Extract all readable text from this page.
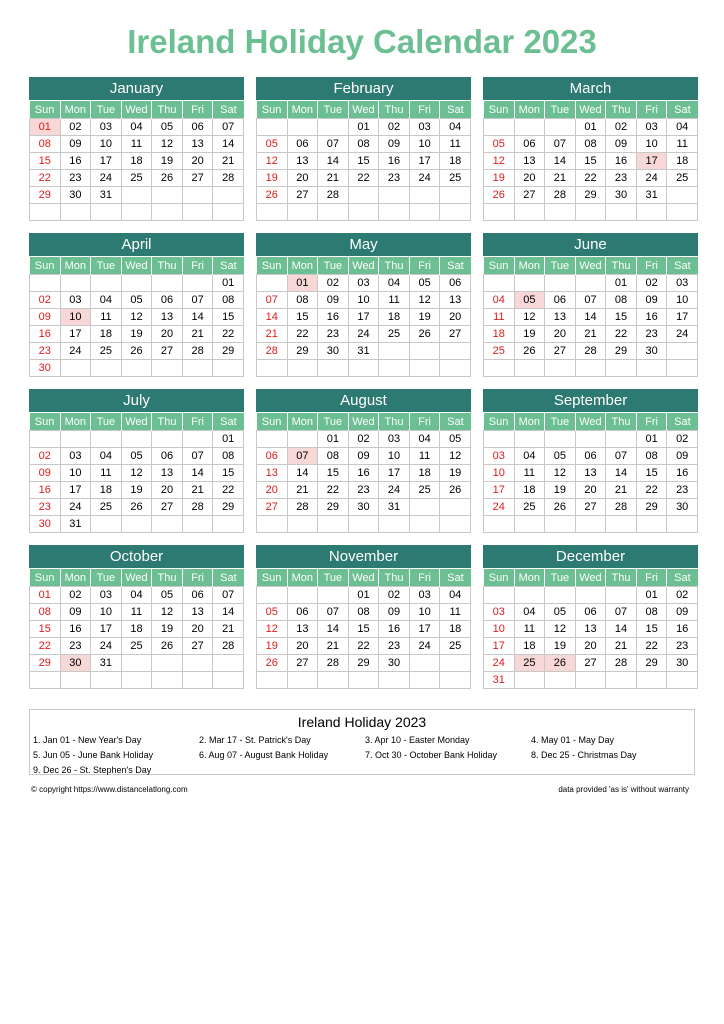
Ireland Holiday Calendar 2023
January
Sun	Mon	Tue	Wed	Thu	Fri	Sat
01	02	03	04	05	06	07
08	09	10	11	12	13	14
15	16	17	18	19	20	21
22	23	24	25	26	27	28
29	30	31				

February
Sun	Mon	Tue	Wed	Thu	Fri	Sat
			01	02	03	04
05	06	07	08	09	10	11
12	13	14	15	16	17	18
19	20	21	22	23	24	25
26	27	28				

March
Sun	Mon	Tue	Wed	Thu	Fri	Sat
			01	02	03	04
05	06	07	08	09	10	11
12	13	14	15	16	17	18
19	20	21	22	23	24	25
26	27	28	29	30	31	

April
Sun	Mon	Tue	Wed	Thu	Fri	Sat
						01
02	03	04	05	06	07	08
09	10	11	12	13	14	15
16	17	18	19	20	21	22
23	24	25	26	27	28	29
30						
May
Sun	Mon	Tue	Wed	Thu	Fri	Sat
	01	02	03	04	05	06
07	08	09	10	11	12	13
14	15	16	17	18	19	20
21	22	23	24	25	26	27
28	29	30	31			

June
Sun	Mon	Tue	Wed	Thu	Fri	Sat
				01	02	03
04	05	06	07	08	09	10
11	12	13	14	15	16	17
18	19	20	21	22	23	24
25	26	27	28	29	30	

July
Sun	Mon	Tue	Wed	Thu	Fri	Sat
						01
02	03	04	05	06	07	08
09	10	11	12	13	14	15
16	17	18	19	20	21	22
23	24	25	26	27	28	29
30	31					
August
Sun	Mon	Tue	Wed	Thu	Fri	Sat
		01	02	03	04	05
06	07	08	09	10	11	12
13	14	15	16	17	18	19
20	21	22	23	24	25	26
27	28	29	30	31		

September
Sun	Mon	Tue	Wed	Thu	Fri	Sat
					01	02
03	04	05	06	07	08	09
10	11	12	13	14	15	16
17	18	19	20	21	22	23
24	25	26	27	28	29	30

October
Sun	Mon	Tue	Wed	Thu	Fri	Sat
01	02	03	04	05	06	07
08	09	10	11	12	13	14
15	16	17	18	19	20	21
22	23	24	25	26	27	28
29	30	31				

November
Sun	Mon	Tue	Wed	Thu	Fri	Sat
			01	02	03	04
05	06	07	08	09	10	11
12	13	14	15	16	17	18
19	20	21	22	23	24	25
26	27	28	29	30		

December
Sun	Mon	Tue	Wed	Thu	Fri	Sat
					01	02
03	04	05	06	07	08	09
10	11	12	13	14	15	16
17	18	19	20	21	22	23
24	25	26	27	28	29	30
31						
Ireland Holiday 2023
1. Jan 01 - New Year's Day	2. Mar 17 - St. Patrick's Day	3. Apr 10 - Easter Monday	4. May 01 - May Day
5. Jun 05 - June Bank Holiday	6. Aug 07 - August Bank Holiday	7. Oct 30 - October Bank Holiday	8. Dec 25 - Christmas Day
9. Dec 26 - St. Stephen's Day
© copyright https://www.distancelatlong.com	data provided 'as is' without warranty
